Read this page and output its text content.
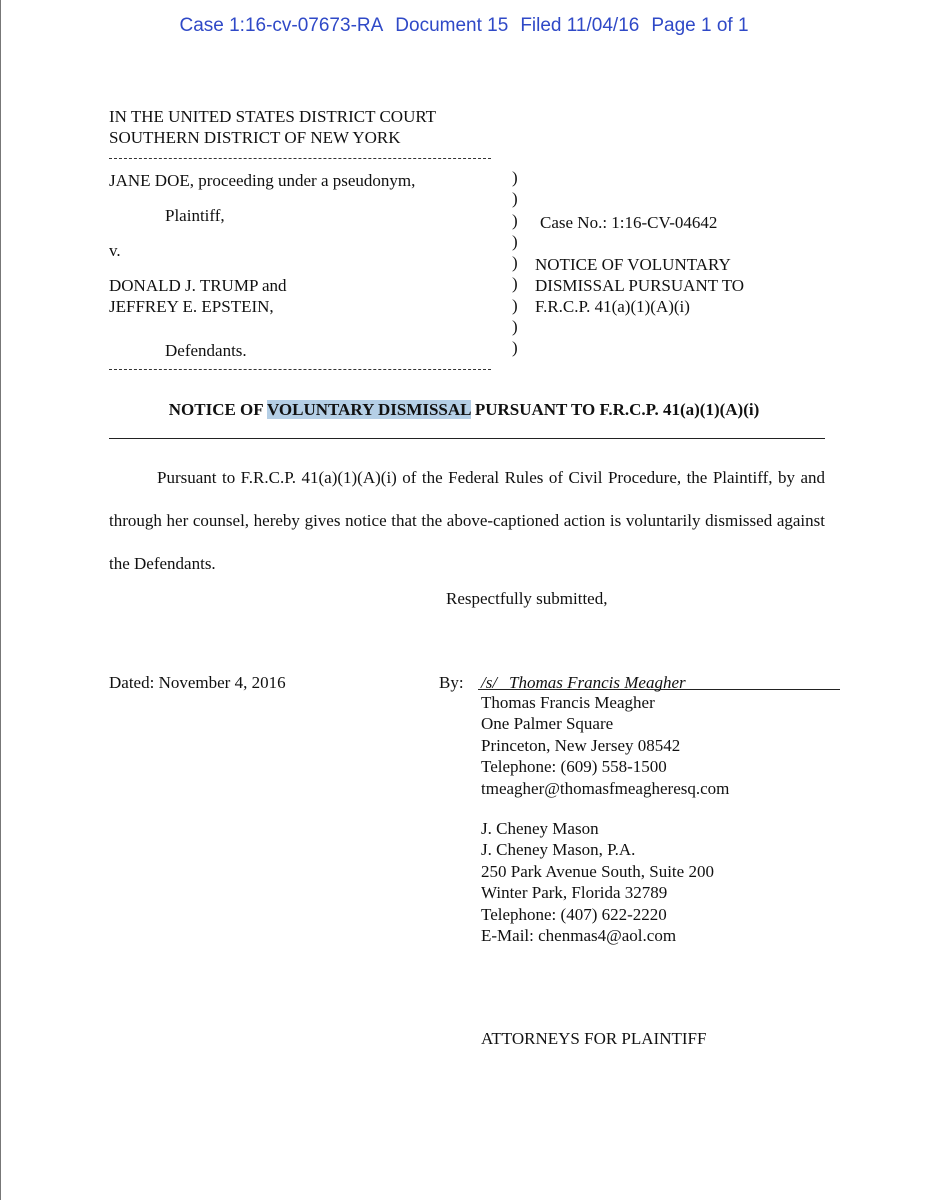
Case 1:16-cv-07673-RA Document 15 Filed 11/04/16 Page 1 of 1
IN THE UNITED STATES DISTRICT COURT
SOUTHERN DISTRICT OF NEW YORK
JANE DOE, proceeding under a pseudonym,
Plaintiff,
v.
DONALD J. TRUMP and
JEFFREY E. EPSTEIN,
Defendants.
)
)
)
)
)
)
)
)
)
Case No.: 1:16-CV-04642
NOTICE OF VOLUNTARY
DISMISSAL PURSUANT TO
F.R.C.P. 41(a)(1)(A)(i)
NOTICE OF VOLUNTARY DISMISSAL PURSUANT TO F.R.C.P. 41(a)(1)(A)(i)

Pursuant to F.R.C.P. 41(a)(1)(A)(i) of the Federal Rules of Civil Procedure, the Plaintiff, by and through her counsel, hereby gives notice that the above-captioned action is voluntarily dismissed against the Defendants.

Respectfully submitted,
Dated: November 4, 2016	By: /s/ Thomas Francis Meagher
Thomas Francis Meagher
One Palmer Square
Princeton, New Jersey 08542
Telephone: (609) 558-1500
tmeagher@thomasfmeagheresq.com
J. Cheney Mason
J. Cheney Mason, P.A.
250 Park Avenue South, Suite 200
Winter Park, Florida 32789
Telephone: (407) 622-2220
E-Mail: chenmas4@aol.com
ATTORNEYS FOR PLAINTIFF
